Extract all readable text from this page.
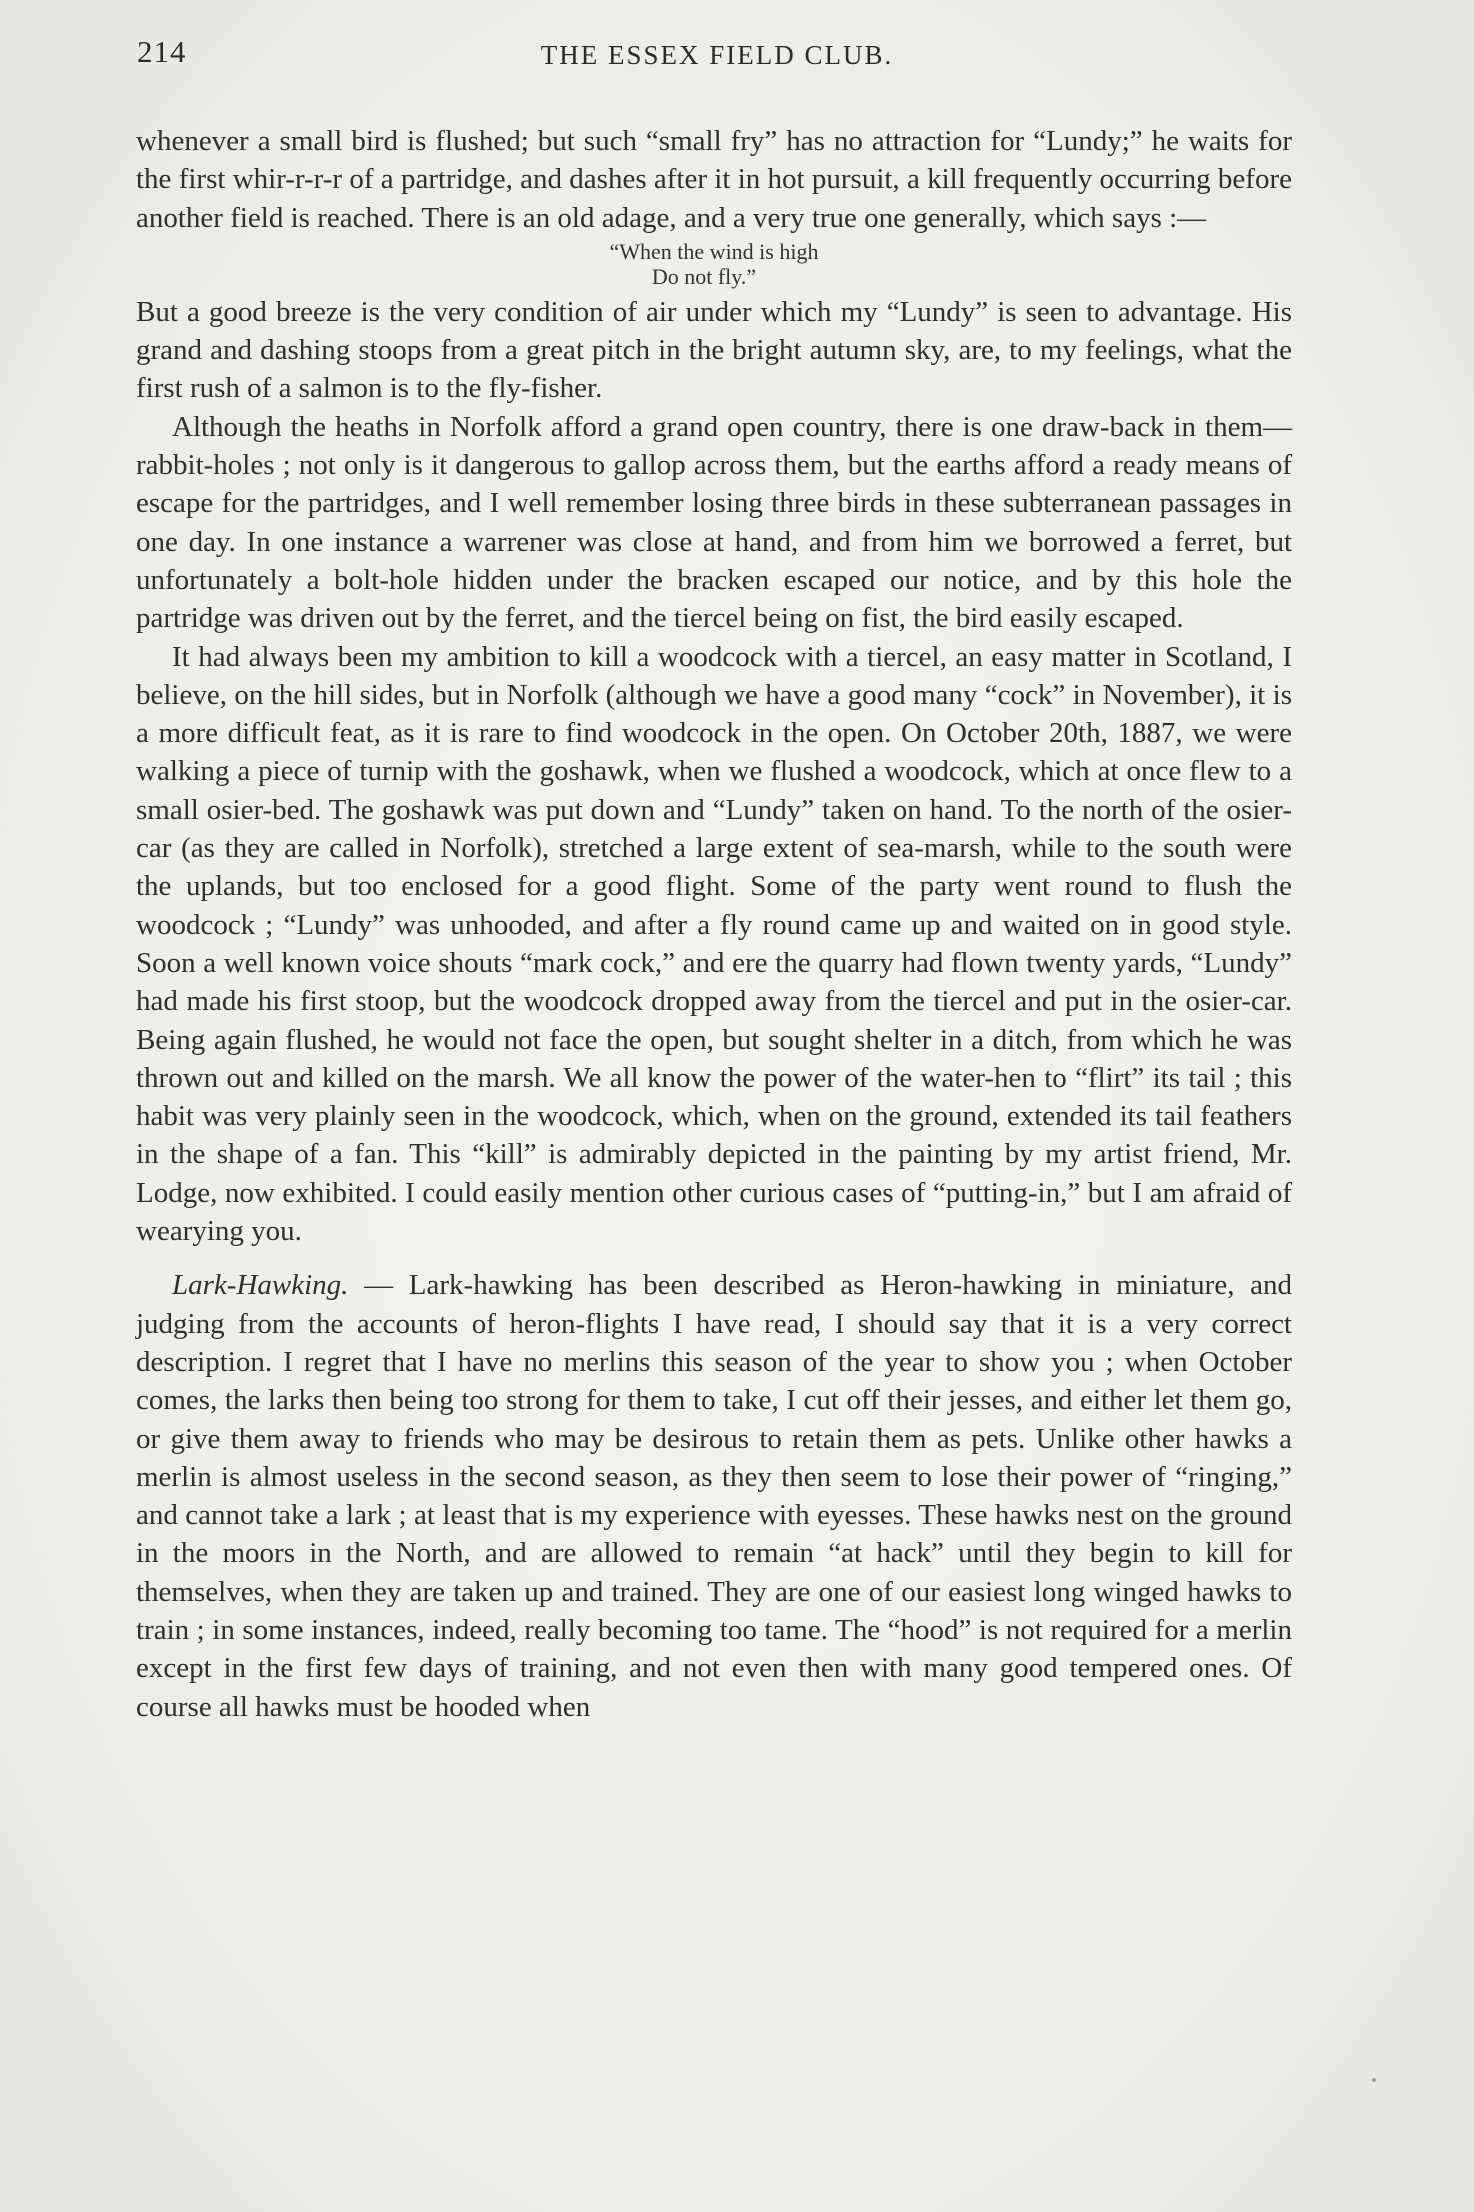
214	THE ESSEX FIELD CLUB.

whenever a small bird is flushed; but such “small fry” has no attraction for “Lundy;” he waits for the first whir-r-r-r of a partridge, and dashes after it in hot pursuit, a kill frequently occurring before another field is reached. There is an old adage, and a very true one generally, which says :—

“When the wind is high
Do not fly.”

But a good breeze is the very condition of air under which my “Lundy” is seen to advantage. His grand and dashing stoops from a great pitch in the bright autumn sky, are, to my feelings, what the first rush of a salmon is to the fly-fisher.

Although the heaths in Norfolk afford a grand open country, there is one draw-back in them—rabbit-holes ; not only is it dangerous to gallop across them, but the earths afford a ready means of escape for the partridges, and I well remember losing three birds in these subterranean passages in one day. In one instance a warrener was close at hand, and from him we borrowed a ferret, but unfortunately a bolt-hole hidden under the bracken escaped our notice, and by this hole the partridge was driven out by the ferret, and the tiercel being on fist, the bird easily escaped.

It had always been my ambition to kill a woodcock with a tiercel, an easy matter in Scotland, I believe, on the hill sides, but in Norfolk (although we have a good many “cock” in November), it is a more difficult feat, as it is rare to find woodcock in the open. On October 20th, 1887, we were walking a piece of turnip with the goshawk, when we flushed a woodcock, which at once flew to a small osier-bed. The goshawk was put down and “Lundy” taken on hand. To the north of the osier-car (as they are called in Norfolk), stretched a large extent of sea-marsh, while to the south were the uplands, but too enclosed for a good flight. Some of the party went round to flush the woodcock ; “Lundy” was unhooded, and after a fly round came up and waited on in good style. Soon a well known voice shouts “mark cock,” and ere the quarry had flown twenty yards, “Lundy” had made his first stoop, but the woodcock dropped away from the tiercel and put in the osier-car. Being again flushed, he would not face the open, but sought shelter in a ditch, from which he was thrown out and killed on the marsh. We all know the power of the water-hen to “flirt” its tail ; this habit was very plainly seen in the woodcock, which, when on the ground, extended its tail feathers in the shape of a fan. This “kill” is admirably depicted in the painting by my artist friend, Mr. Lodge, now exhibited. I could easily mention other curious cases of “putting-in,” but I am afraid of wearying you.

Lark-Hawking. — Lark-hawking has been described as Heron-hawking in miniature, and judging from the accounts of heron-flights I have read, I should say that it is a very correct description. I regret that I have no merlins this season of the year to show you ; when October comes, the larks then being too strong for them to take, I cut off their jesses, and either let them go, or give them away to friends who may be desirous to retain them as pets. Unlike other hawks a merlin is almost useless in the second season, as they then seem to lose their power of “ringing,” and cannot take a lark ; at least that is my experience with eyesses. These hawks nest on the ground in the moors in the North, and are allowed to remain “at hack” until they begin to kill for themselves, when they are taken up and trained. They are one of our easiest long winged hawks to train ; in some instances, indeed, really becoming too tame. The “hood” is not required for a merlin except in the first few days of training, and not even then with many good tempered ones. Of course all hawks must be hooded when
